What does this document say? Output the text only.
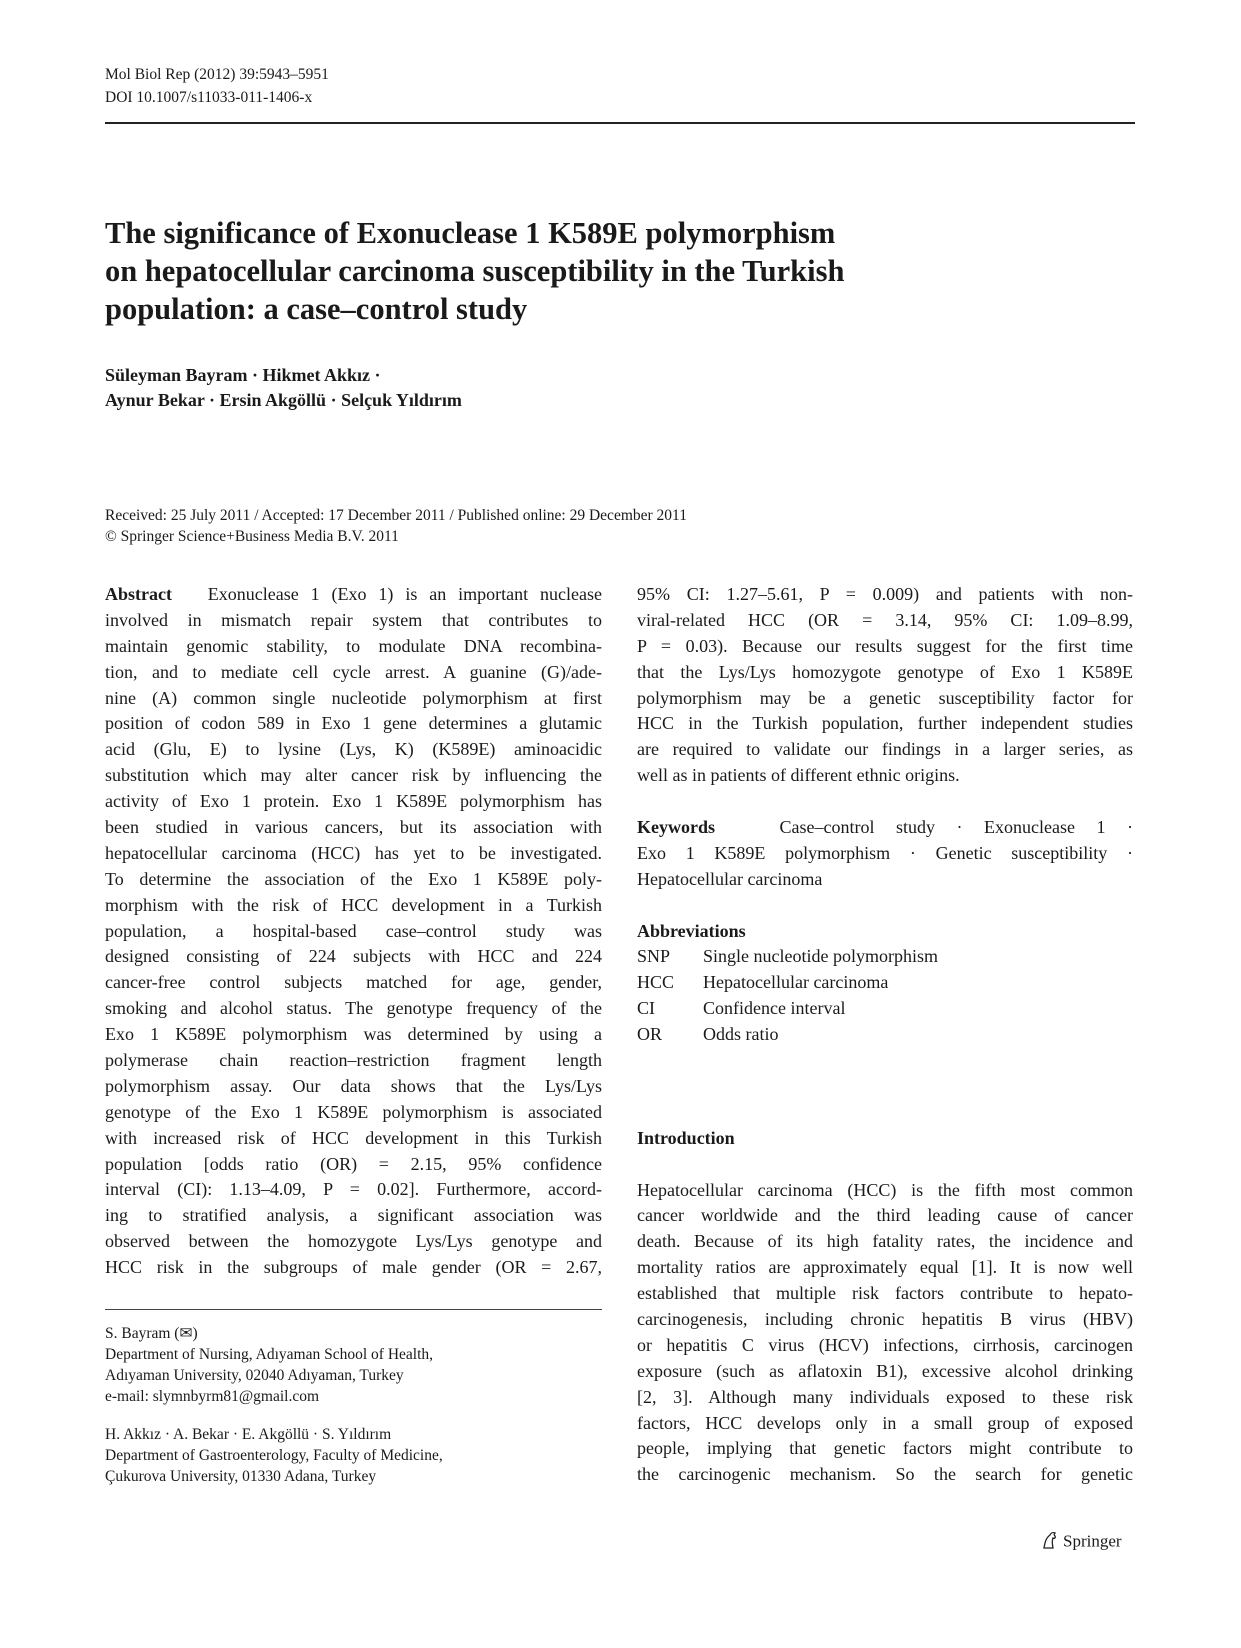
Mol Biol Rep (2012) 39:5943–5951
DOI 10.1007/s11033-011-1406-x
The significance of Exonuclease 1 K589E polymorphism
on hepatocellular carcinoma susceptibility in the Turkish
population: a case–control study
Süleyman Bayram · Hikmet Akkız ·
Aynur Bekar · Ersin Akgöllü · Selçuk Yıldırım
Received: 25 July 2011 / Accepted: 17 December 2011 / Published online: 29 December 2011
© Springer Science+Business Media B.V. 2011
Abstract Exonuclease 1 (Exo 1) is an important nuclease
involved in mismatch repair system that contributes to
maintain genomic stability, to modulate DNA recombina-
tion, and to mediate cell cycle arrest. A guanine (G)/ade-
nine (A) common single nucleotide polymorphism at first
position of codon 589 in Exo 1 gene determines a glutamic
acid (Glu, E) to lysine (Lys, K) (K589E) aminoacidic
substitution which may alter cancer risk by influencing the
activity of Exo 1 protein. Exo 1 K589E polymorphism has
been studied in various cancers, but its association with
hepatocellular carcinoma (HCC) has yet to be investigated.
To determine the association of the Exo 1 K589E poly-
morphism with the risk of HCC development in a Turkish
population, a hospital-based case–control study was
designed consisting of 224 subjects with HCC and 224
cancer-free control subjects matched for age, gender,
smoking and alcohol status. The genotype frequency of the
Exo 1 K589E polymorphism was determined by using a
polymerase chain reaction–restriction fragment length
polymorphism assay. Our data shows that the Lys/Lys
genotype of the Exo 1 K589E polymorphism is associated
with increased risk of HCC development in this Turkish
population [odds ratio (OR) = 2.15, 95% confidence
interval (CI): 1.13–4.09, P = 0.02]. Furthermore, accord-
ing to stratified analysis, a significant association was
observed between the homozygote Lys/Lys genotype and
HCC risk in the subgroups of male gender (OR = 2.67,
S. Bayram (✉)
Department of Nursing, Adıyaman School of Health,
Adıyaman University, 02040 Adıyaman, Turkey
e-mail: slymnbyrm81@gmail.com
H. Akkız · A. Bekar · E. Akgöllü · S. Yıldırım
Department of Gastroenterology, Faculty of Medicine,
Çukurova University, 01330 Adana, Turkey
95% CI: 1.27–5.61, P = 0.009) and patients with non-
viral-related HCC (OR = 3.14, 95% CI: 1.09–8.99,
P = 0.03). Because our results suggest for the first time
that the Lys/Lys homozygote genotype of Exo 1 K589E
polymorphism may be a genetic susceptibility factor for
HCC in the Turkish population, further independent studies
are required to validate our findings in a larger series, as
well as in patients of different ethnic origins.
Keywords	Case–control study · Exonuclease 1 ·
Exo 1 K589E polymorphism · Genetic susceptibility ·
Hepatocellular carcinoma
Abbreviations
SNP Single nucleotide polymorphism
HCC Hepatocellular carcinoma
CI	Confidence interval
OR Odds ratio
Introduction
Hepatocellular carcinoma (HCC) is the fifth most common
cancer worldwide and the third leading cause of cancer
death. Because of its high fatality rates, the incidence and
mortality ratios are approximately equal [1]. It is now well
established that multiple risk factors contribute to hepato-
carcinogenesis, including chronic hepatitis B virus (HBV)
or hepatitis C virus (HCV) infections, cirrhosis, carcinogen
exposure (such as aflatoxin B1), excessive alcohol drinking
[2, 3]. Although many individuals exposed to these risk
factors, HCC develops only in a small group of exposed
people, implying that genetic factors might contribute to
the carcinogenic mechanism. So the search for genetic
Springer
